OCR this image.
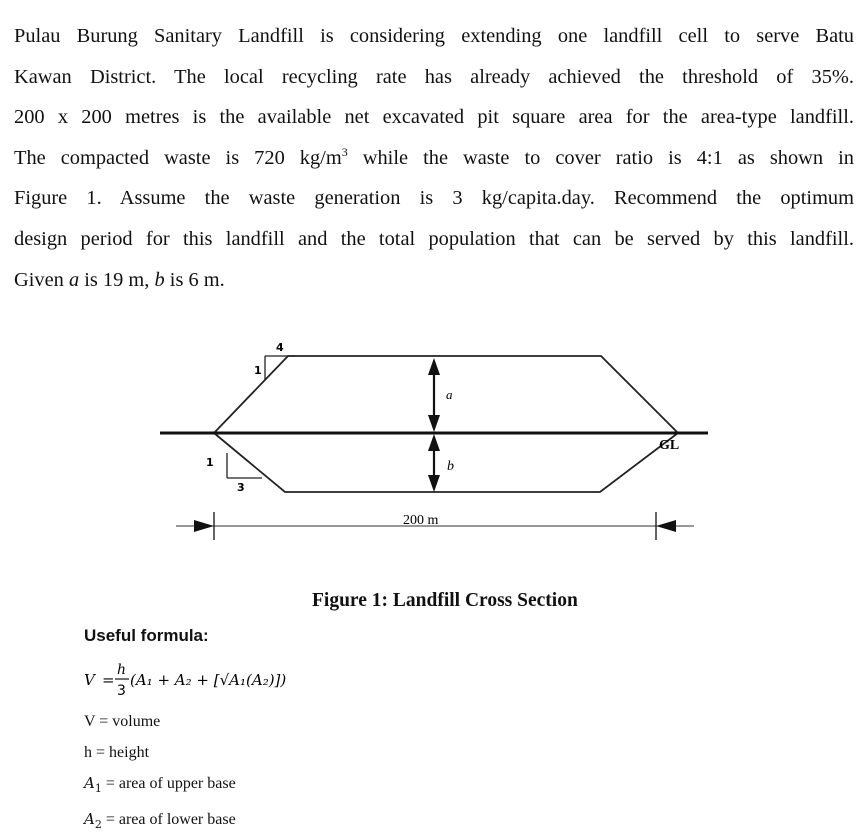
Pulau Burung Sanitary Landfill is considering extending one landfill cell to serve Batu
Kawan District. The local recycling rate has already achieved the threshold of 35%.
200 x 200 metres is the available net excavated pit square area for the area-type landfill.
The compacted waste is 720 $kg/m^3$ while the waste to cover ratio is 4:1 as shown in
Figure 1. Assume the waste generation is 3 kg/capita.day. Recommend the optimum
design period for this landfill and the total population that can be served by this landfill.
Given a is 19 m, b is 6 m.
1
4
1
3
a
b
GL
200 m
Figure 1: Landfill Cross Section
Useful formula:
V =
h
3
(A₁ + A₂ + [√A₁(A₂)])
V = volume
h = height
$A_1$ = area of upper base
$A_2$ = area of lower base
